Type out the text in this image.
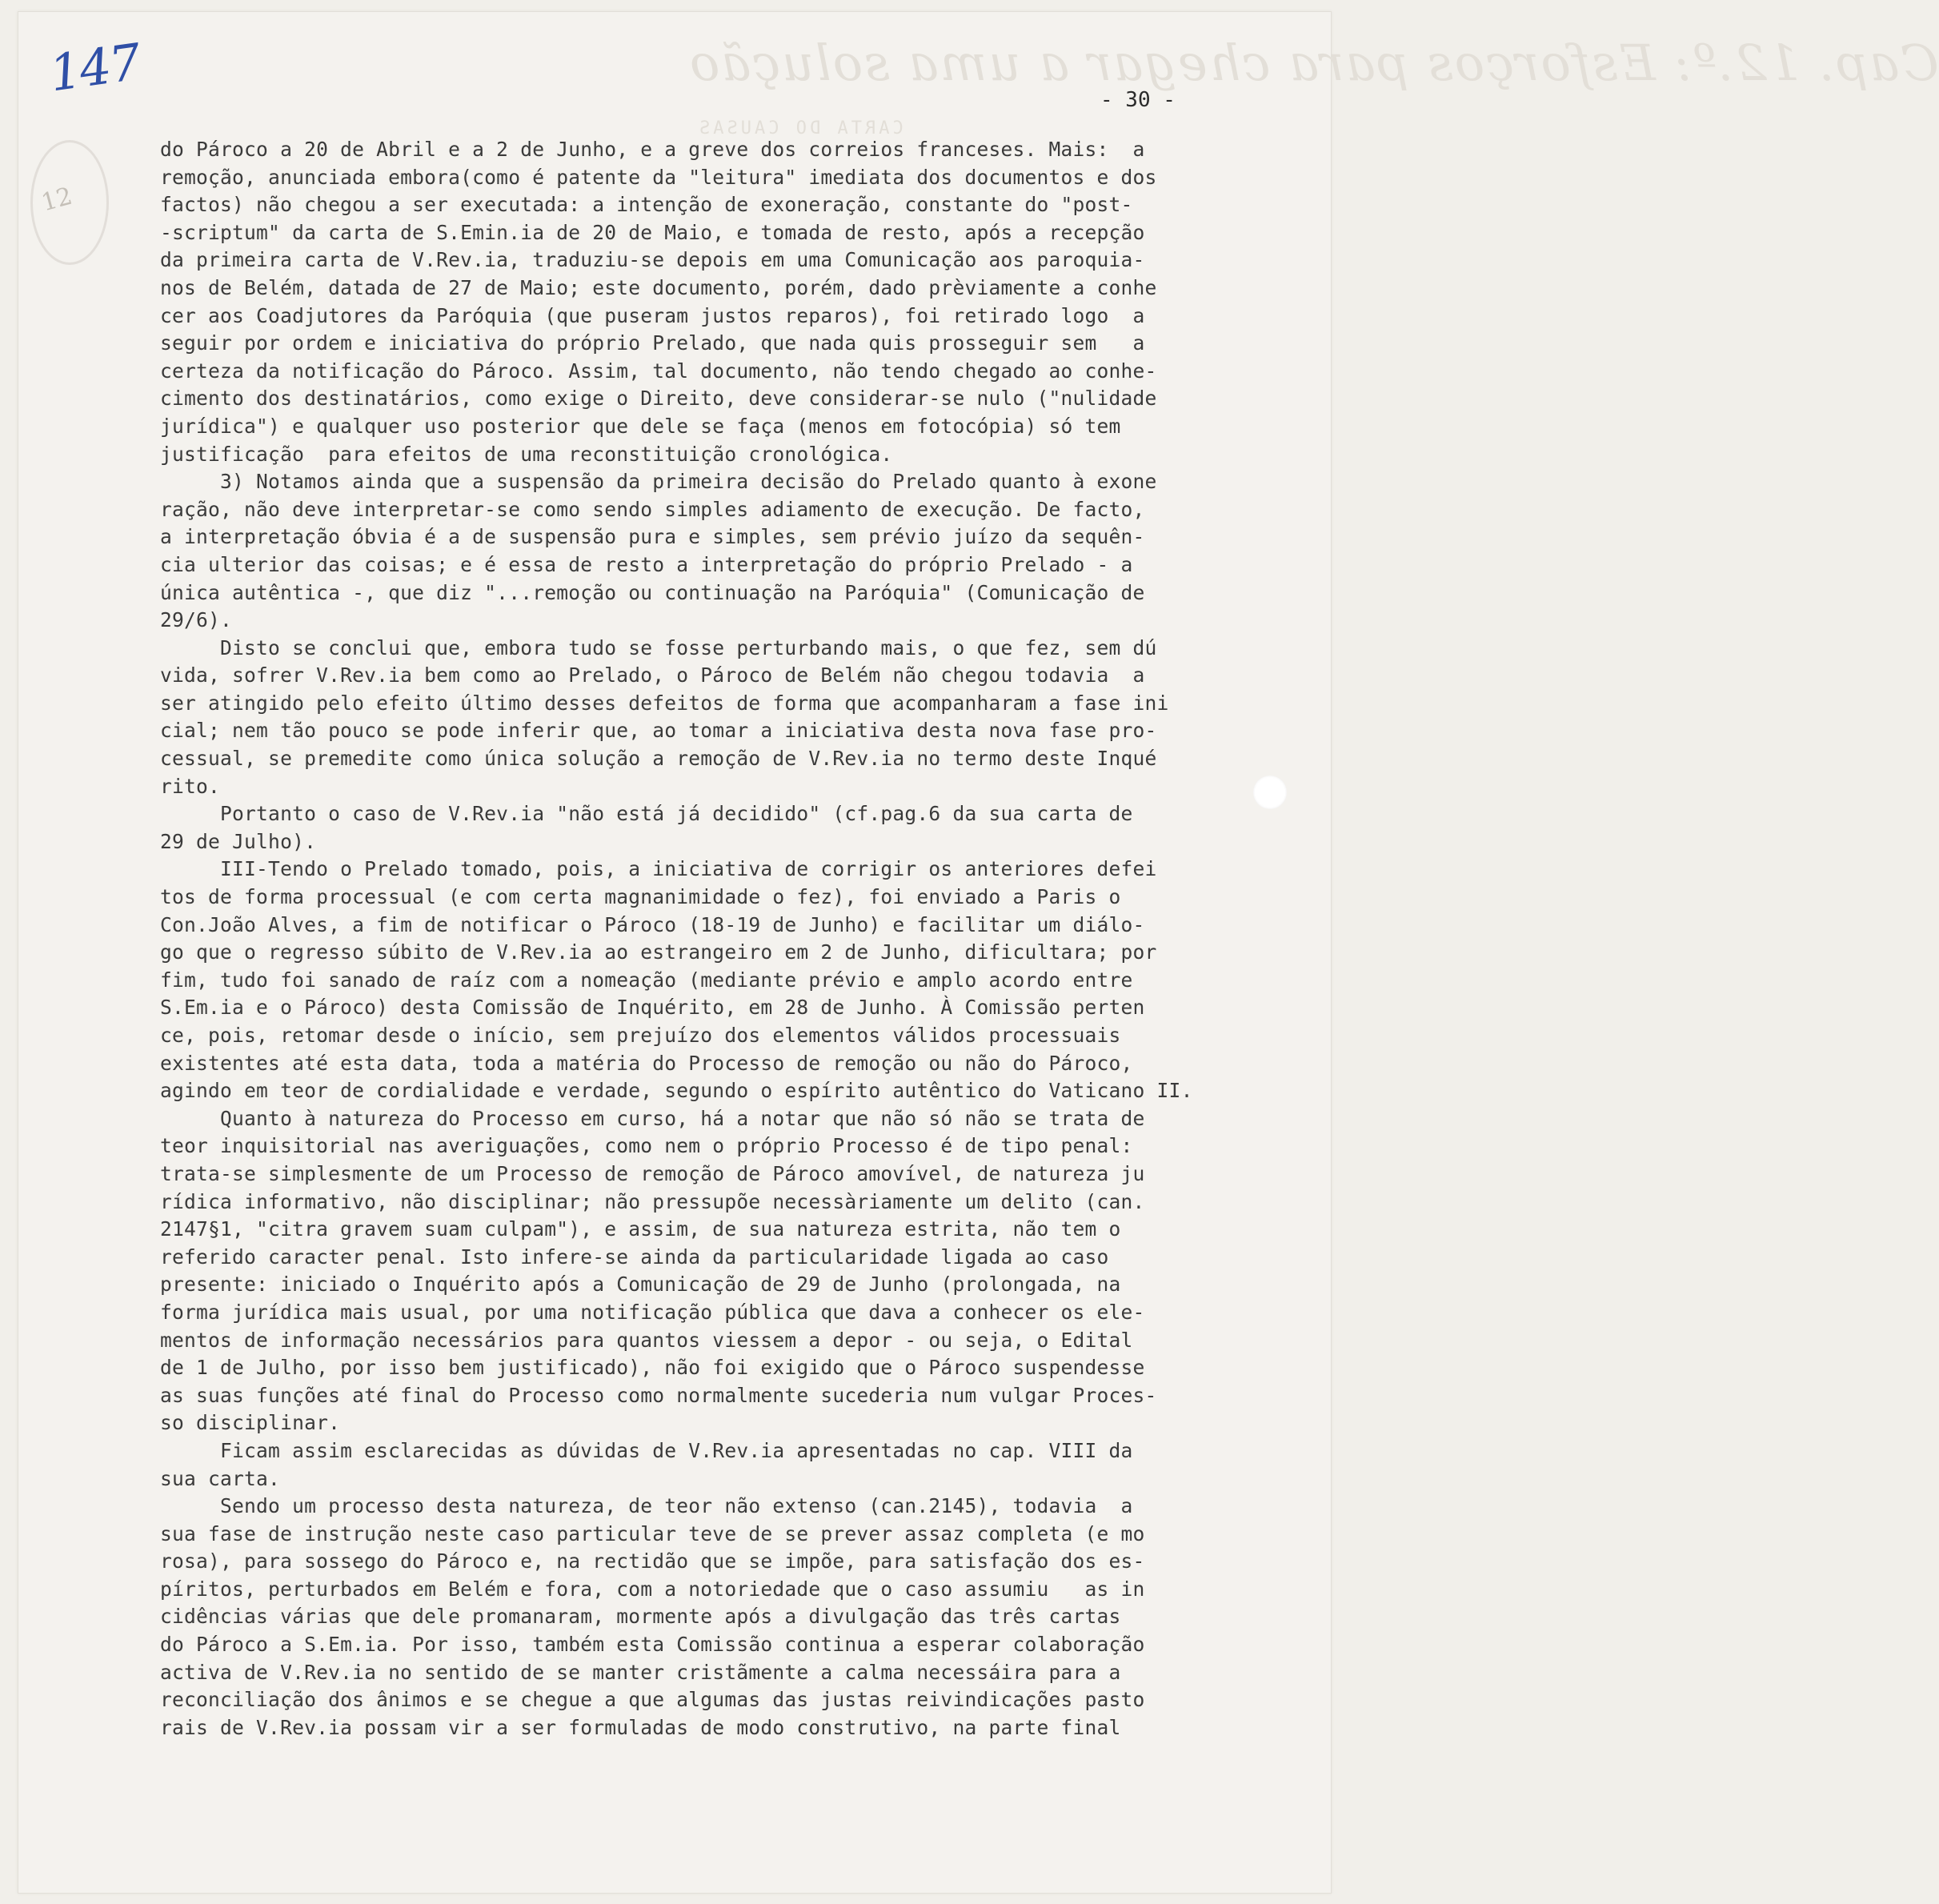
Cap. 12.º: Esforços para chegar a uma solução
CARTA DO CAUSAS
147
12
- 30 -
do Pároco a 20 de Abril e a 2 de Junho, e a greve dos correios franceses. Mais:  a
remoção, anunciada embora(como é patente da "leitura" imediata dos documentos e dos
factos) não chegou a ser executada: a intenção de exoneração, constante do "post-
-scriptum" da carta de S.Emin.ia de 20 de Maio, e tomada de resto, após a recepção
da primeira carta de V.Rev.ia, traduziu-se depois em uma Comunicação aos paroquia-
nos de Belém, datada de 27 de Maio; este documento, porém, dado prèviamente a conhe
cer aos Coadjutores da Paróquia (que puseram justos reparos), foi retirado logo  a
seguir por ordem e iniciativa do próprio Prelado, que nada quis prosseguir sem   a
certeza da notificação do Pároco. Assim, tal documento, não tendo chegado ao conhe-
cimento dos destinatários, como exige o Direito, deve considerar-se nulo ("nulidade
jurídica") e qualquer uso posterior que dele se faça (menos em fotocópia) só tem
justificação  para efeitos de uma reconstituição cronológica.
3) Notamos ainda que a suspensão da primeira decisão do Prelado quanto à exone
ração, não deve interpretar-se como sendo simples adiamento de execução. De facto,
a interpretação óbvia é a de suspensão pura e simples, sem prévio juízo da sequên-
cia ulterior das coisas; e é essa de resto a interpretação do próprio Prelado - a
única autêntica -, que diz "...remoção ou continuação na Paróquia" (Comunicação de
29/6).
Disto se conclui que, embora tudo se fosse perturbando mais, o que fez, sem dú
vida, sofrer V.Rev.ia bem como ao Prelado, o Pároco de Belém não chegou todavia  a
ser atingido pelo efeito último desses defeitos de forma que acompanharam a fase ini
cial; nem tão pouco se pode inferir que, ao tomar a iniciativa desta nova fase pro-
cessual, se premedite como única solução a remoção de V.Rev.ia no termo deste Inqué
rito.
Portanto o caso de V.Rev.ia "não está já decidido" (cf.pag.6 da sua carta de
29 de Julho).
III-Tendo o Prelado tomado, pois, a iniciativa de corrigir os anteriores defei
tos de forma processual (e com certa magnanimidade o fez), foi enviado a Paris o
Con.João Alves, a fim de notificar o Pároco (18-19 de Junho) e facilitar um diálo-
go que o regresso súbito de V.Rev.ia ao estrangeiro em 2 de Junho, dificultara; por
fim, tudo foi sanado de raíz com a nomeação (mediante prévio e amplo acordo entre
S.Em.ia e o Pároco) desta Comissão de Inquérito, em 28 de Junho. À Comissão perten
ce, pois, retomar desde o início, sem prejuízo dos elementos válidos processuais
existentes até esta data, toda a matéria do Processo de remoção ou não do Pároco,
agindo em teor de cordialidade e verdade, segundo o espírito autêntico do Vaticano II.
Quanto à natureza do Processo em curso, há a notar que não só não se trata de
teor inquisitorial nas averiguações, como nem o próprio Processo é de tipo penal:
trata-se simplesmente de um Processo de remoção de Pároco amovível, de natureza ju
rídica informativo, não disciplinar; não pressupõe necessàriamente um delito (can.
2147§1, "citra gravem suam culpam"), e assim, de sua natureza estrita, não tem o
referido caracter penal. Isto infere-se ainda da particularidade ligada ao caso
presente: iniciado o Inquérito após a Comunicação de 29 de Junho (prolongada, na
forma jurídica mais usual, por uma notificação pública que dava a conhecer os ele-
mentos de informação necessários para quantos viessem a depor - ou seja, o Edital
de 1 de Julho, por isso bem justificado), não foi exigido que o Pároco suspendesse
as suas funções até final do Processo como normalmente sucederia num vulgar Proces-
so disciplinar.
Ficam assim esclarecidas as dúvidas de V.Rev.ia apresentadas no cap. VIII da
sua carta.
Sendo um processo desta natureza, de teor não extenso (can.2145), todavia  a
sua fase de instrução neste caso particular teve de se prever assaz completa (e mo
rosa), para sossego do Pároco e, na rectidão que se impõe, para satisfação dos es-
píritos, perturbados em Belém e fora, com a notoriedade que o caso assumiu   as in
cidências várias que dele promanaram, mormente após a divulgação das três cartas
do Pároco a S.Em.ia. Por isso, também esta Comissão continua a esperar colaboração
activa de V.Rev.ia no sentido de se manter cristãmente a calma necessáira para a
reconciliação dos ânimos e se chegue a que algumas das justas reivindicações pasto
rais de V.Rev.ia possam vir a ser formuladas de modo construtivo, na parte final
